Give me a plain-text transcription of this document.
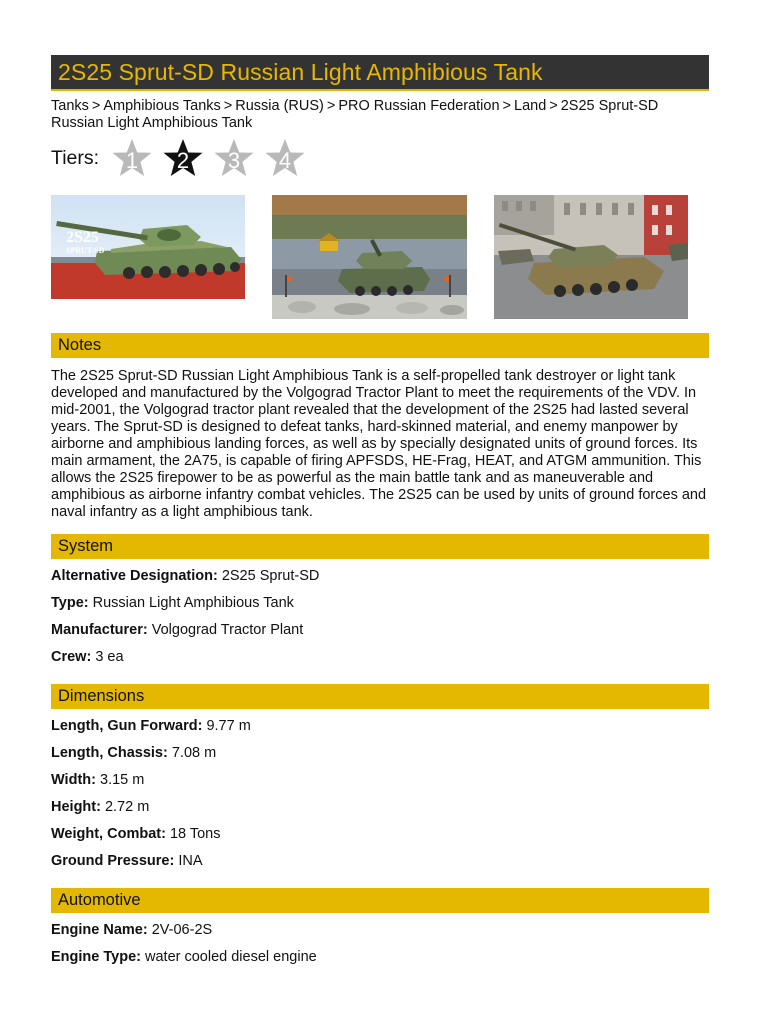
2S25 Sprut-SD Russian Light Amphibious Tank
Tanks > Amphibious Tanks > Russia (RUS) > PRO Russian Federation > Land > 2S25 Sprut-SD Russian Light Amphibious Tank
Tiers: 1 2 3 4
2S25
SPRUT-SD
Notes
The 2S25 Sprut-SD Russian Light Amphibious Tank is a self-propelled tank destroyer or light tank developed and manufactured by the Volgograd Tractor Plant to meet the requirements of the VDV. In mid-2001, the Volgograd tractor plant revealed that the development of the 2S25 had lasted several years. The Sprut-SD is designed to defeat tanks, hard-skinned material, and enemy manpower by airborne and amphibious landing forces, as well as by specially designated units of ground forces. Its main armament, the 2A75, is capable of firing APFSDS, HE-Frag, HEAT, and ATGM ammunition. This allows the 2S25 firepower to be as powerful as the main battle tank and as maneuverable and amphibious as airborne infantry combat vehicles. The 2S25 can be used by units of ground forces and naval infantry as a light amphibious tank.
System
Alternative Designation: 2S25 Sprut-SD
Type: Russian Light Amphibious Tank
Manufacturer: Volgograd Tractor Plant
Crew: 3 ea
Dimensions
Length, Gun Forward: 9.77 m
Length, Chassis: 7.08 m
Width: 3.15 m
Height: 2.72 m
Weight, Combat: 18 Tons
Ground Pressure: INA
Automotive
Engine Name: 2V-06-2S
Engine Type: water cooled diesel engine
